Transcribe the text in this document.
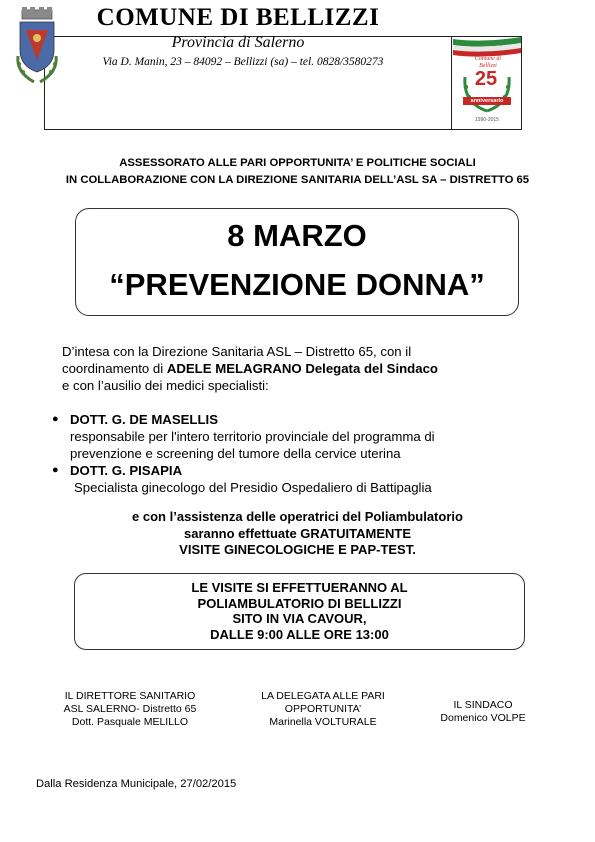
COMUNE DI BELLIZZI
Provincia di Salerno
Via D. Manin, 23 – 84092 – Bellizzi (sa) – tel. 0828/3580273	Comune di Bellizzi
25
anniversario
1990-2015
ASSESSORATO ALLE PARI OPPORTUNITA’ E POLITICHE SOCIALI
IN COLLABORAZIONE CON LA DIREZIONE SANITARIA DELL’ASL SA – DISTRETTO 65
8 MARZO
“PREVENZIONE DONNA”
D’intesa con la Direzione Sanitaria ASL – Distretto 65, con il
coordinamento di ADELE MELAGRANO Delegata del Sindaco
e con l’ausilio dei medici specialisti:
● DOTT. G. DE MASELLIS
responsabile per l'intero territorio provinciale del programma di
prevenzione e screening del tumore della cervice uterina
● DOTT. G. PISAPIA
Specialista ginecologo del Presidio Ospedaliero di Battipaglia
e con l’assistenza delle operatrici del Poliambulatorio
saranno effettuate GRATUITAMENTE
VISITE GINECOLOGICHE E PAP-TEST.
LE VISITE SI EFFETTUERANNO AL
POLIAMBULATORIO DI BELLIZZI
SITO IN VIA CAVOUR,
DALLE 9:00 ALLE ORE 13:00
IL DIRETTORE SANITARIO
ASL SALERNO- Distretto 65
Dott. Pasquale MELILLO
LA DELEGATA ALLE PARI
OPPORTUNITA’
Marinella VOLTURALE
IL SINDACO
Domenico VOLPE
Dalla Residenza Municipale, 27/02/2015
